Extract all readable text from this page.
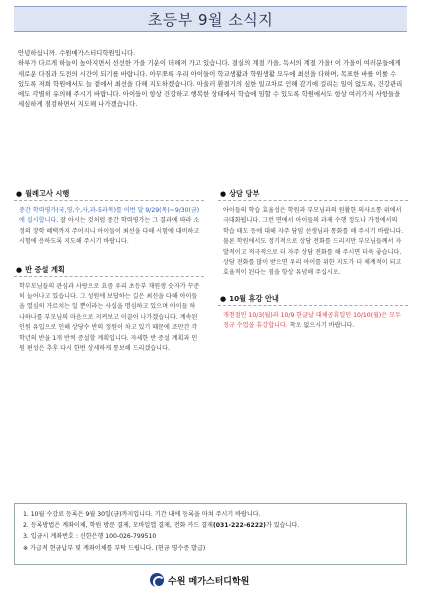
초등부 9월 소식지

안녕하십니까. 수원메가스터디학원입니다.

하루가 다르게 하늘이 높아지면서 선선한 가을 기운이 더해져 가고 있습니다. 결실의 계절 가을, 독서의 계절 가을! 이 가을이 여러분들에게 새로운 다짐과 도전의 시간이 되기를 바랍니다. 아무쪼록 우리 아이들이 학교생활과 학원생활 모두에 최선을 다하며, 목표한 바를 이룰 수 있도록 저희 학원에서도 늘 곁에서 최선을 다해 지도하겠습니다. 아울러 환절기의 심한 일교차로 인해 감기에 걸리는 일이 없도록, 건강관리에도 각별히 유의해 주시기 바랍니다. 아이들이 항상 건강하고 행복한 상태에서 학습에 임할 수 있도록 학원에서도 항상 여러가지 사항들을 세심하게 점검하면서 지도해 나가겠습니다.

● 월례고사 시행
중간 학력평가(국,영,수,사,과-5과목)를 이번 달 9/29(목)~9/30(금)에 실시합니다. 잘 아시는 것처럼 중간 학력평가는 그 결과에 따라 소정의 장학 혜택까지 주어지니 아이들이 최선을 다해 시험에 대비하고 시험에 응하도록 지도해 주시기 바랍니다.
● 반 증설 계획
학부모님들의 관심과 사랑으로 요즘 우리 초등부 재원생 숫자가 꾸준히 늘어나고 있습니다. 그 성원에 보답하는 길은 최선을 다해 아이들을 열심히 가르치는 일 뿐이라는 사실을 명심하고 있으며 아이들 하나하나를 부모님의 마음으로 지켜보고 이끌어 나가겠습니다. 계속된 인원 유입으로 인해 상당수 반의 정원이 차고 있기 때문에 조만간 각 학년의 반을 1개 반씩 증설할 계획입니다. 자세한 반 증설 계획과 인원 편성은 추후 다시 한번 상세하게 통보해 드리겠습니다.
● 상담 당부
아이들의 학습 효율성은 학원과 부모님과의 원활한 의사소통 위에서 극대화됩니다. 그런 면에서 아이들의 과제 수행 정도나 가정에서의 학습 태도 등에 대해 자주 담임 선생님과 통화를 해 주시기 바랍니다. 물론 학원에서도 정기적으로 상담 전화를 드리지만 부모님들께서 자발적이고 적극적으로 더 자주 상담 전화를 해 주시면 더욱 좋습니다. 상담 전화를 많이 받으면 우리 아이를 위한 지도가 더 체계적이 되고 효율적이 된다는 점을 항상 유념해 주십시오.
● 10월 휴강 안내
개천절인 10/3(월)과 10/9 한글날 대체공휴일인 10/10(월)은 모두 정규 수업을 휴강합니다. 착오 없으시기 바랍니다.
1. 10월 수강료 등록은 9월 30일(금)까지입니다. 기간 내에 등록을 마쳐 주시기 바랍니다.
2. 등록방법은 계좌이체, 학원 방문 결제, 모바일앱 결제, 전화 카드 결제(031-222-6222)가 있습니다.
3. 입금시 계좌번호 : 신한은행 100-026-799510
※ 가급적 현금납부 및 계좌이체를 부탁 드립니다. (현금 영수증 발급)
수원 메가스터디학원
